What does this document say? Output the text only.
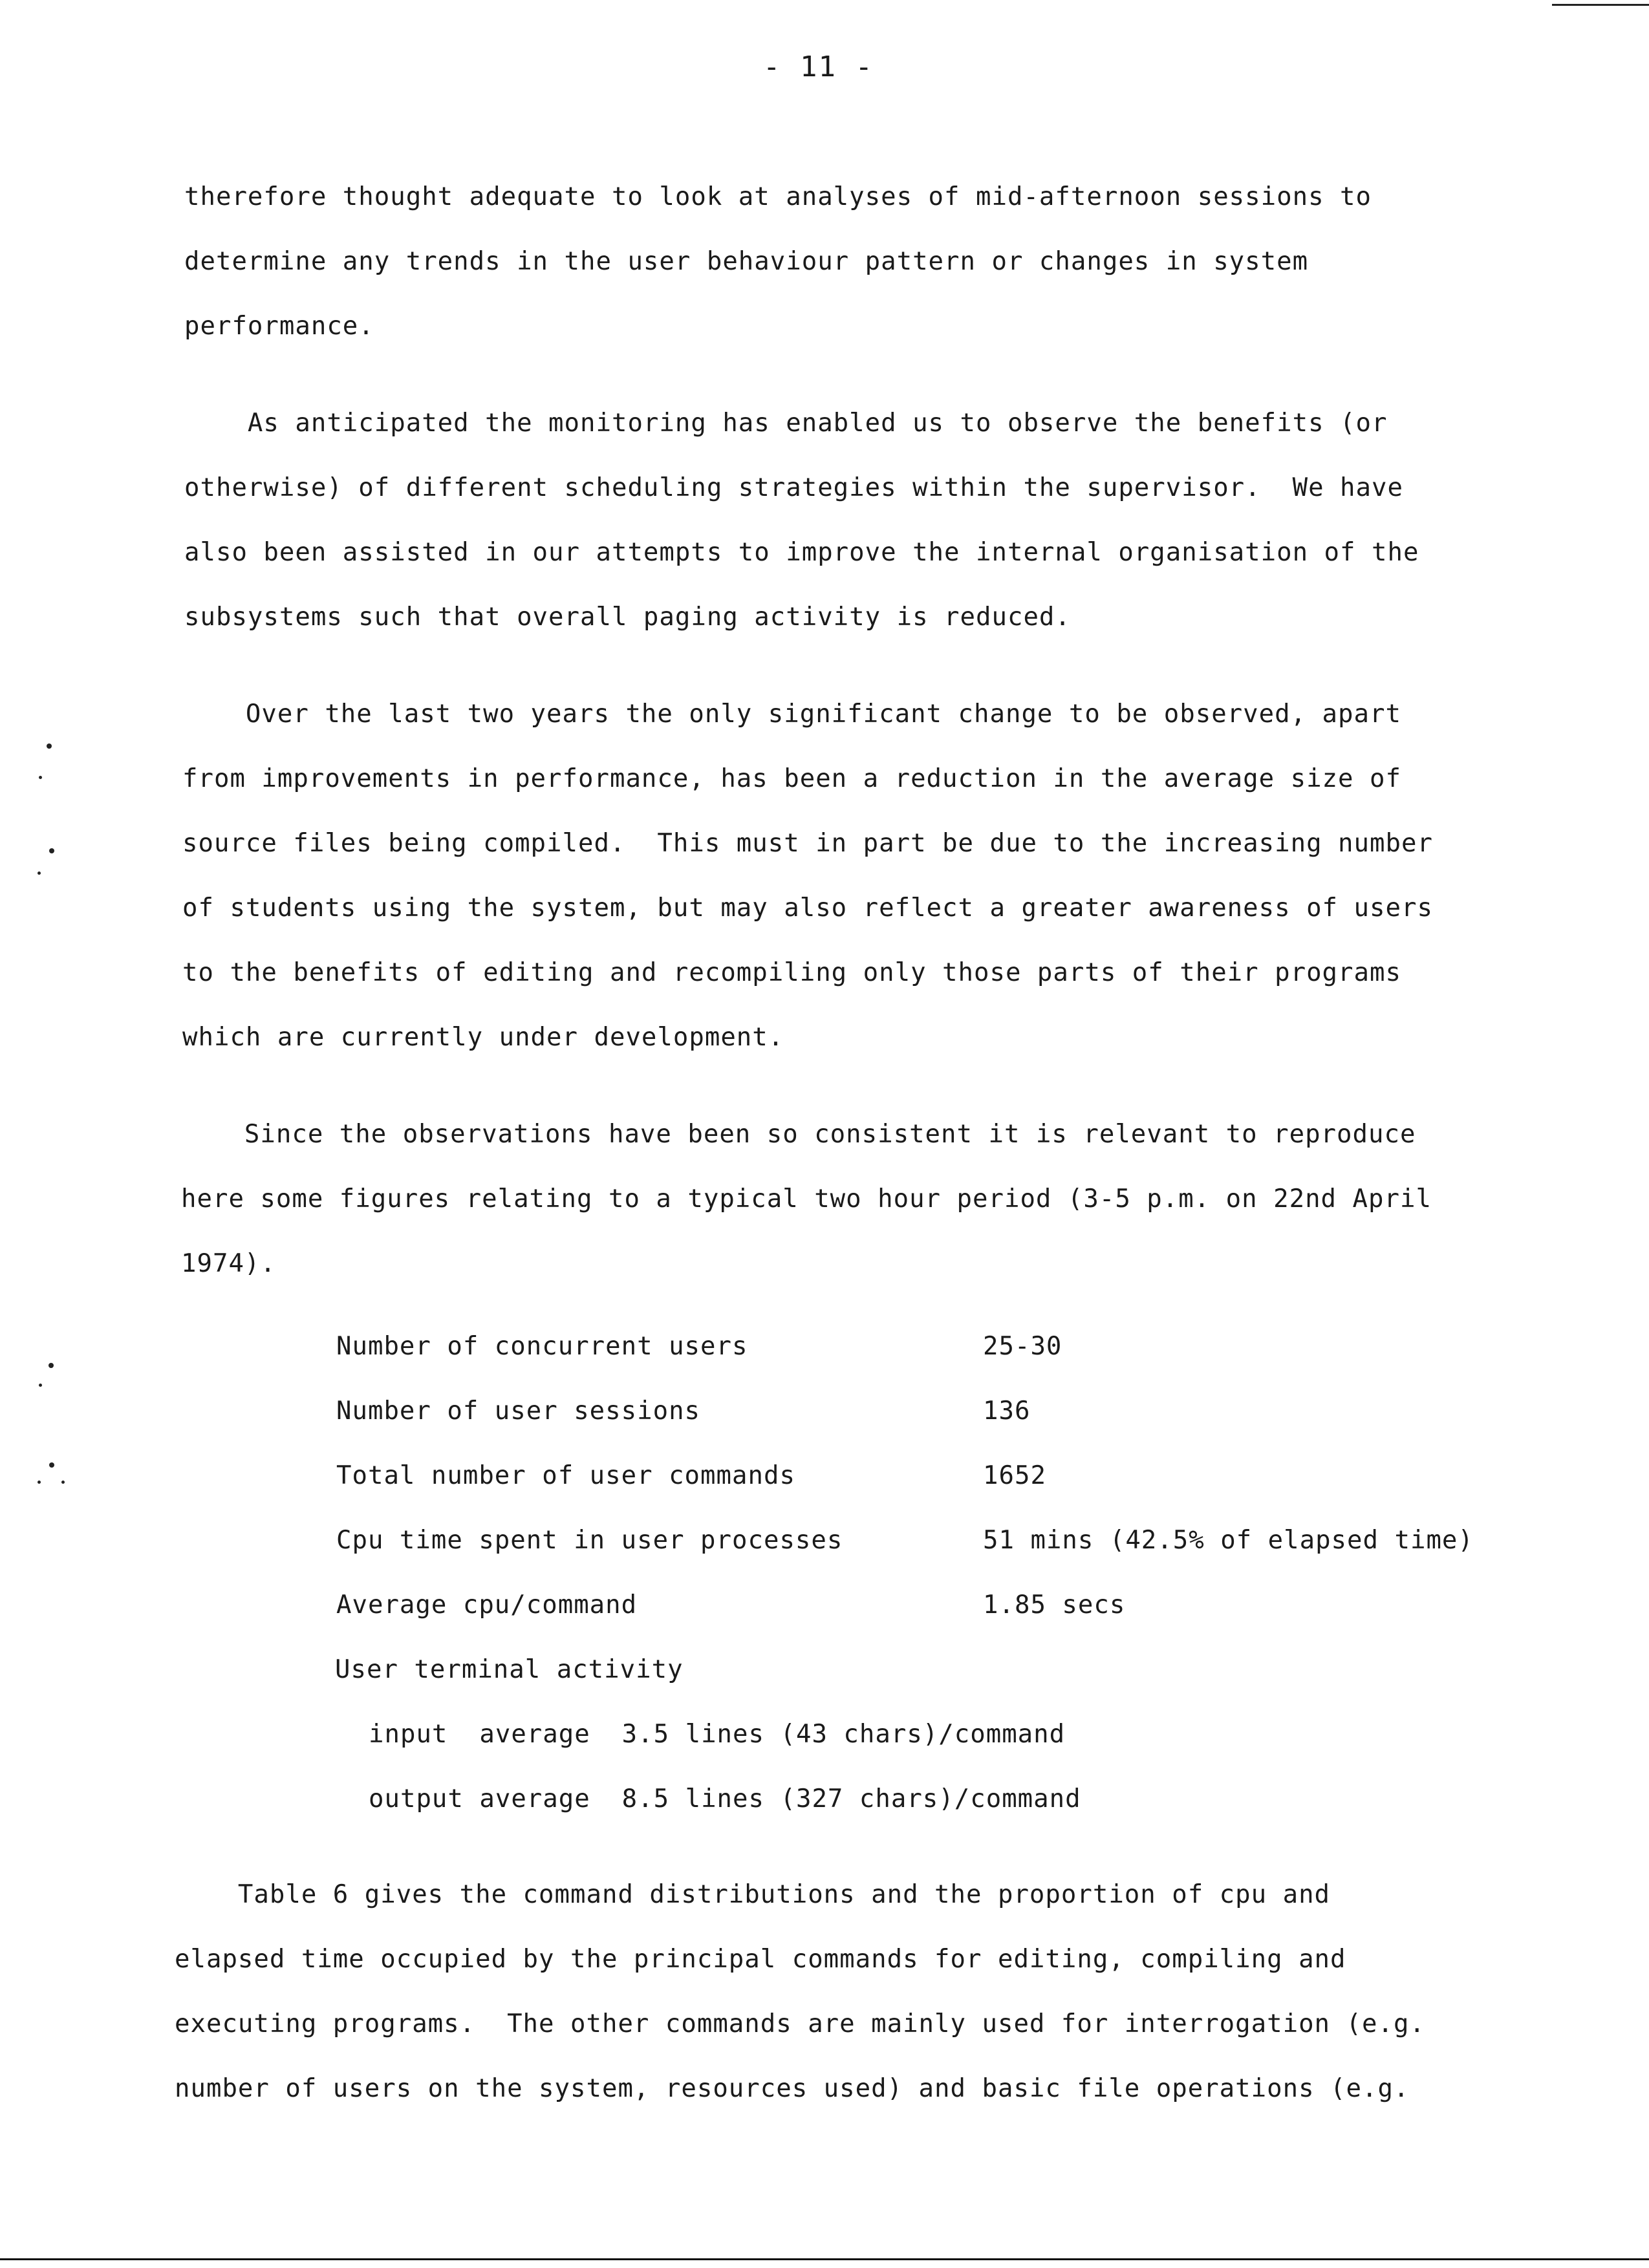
- 11 -
therefore thought adequate to look at analyses of mid-afternoon sessions to
determine any trends in the user behaviour pattern or changes in system
performance.
As anticipated the monitoring has enabled us to observe the benefits (or
otherwise) of different scheduling strategies within the supervisor.  We have
also been assisted in our attempts to improve the internal organisation of the
subsystems such that overall paging activity is reduced.
Over the last two years the only significant change to be observed, apart
from improvements in performance, has been a reduction in the average size of
source files being compiled.  This must in part be due to the increasing number
of students using the system, but may also reflect a greater awareness of users
to the benefits of editing and recompiling only those parts of their programs
which are currently under development.
Since the observations have been so consistent it is relevant to reproduce
here some figures relating to a typical two hour period (3-5 p.m. on 22nd April
1974).
Number of concurrent users	25-30
Number of user sessions	136
Total number of user commands	1652
Cpu time spent in user processes	51 mins (42.5% of elapsed time)
Average cpu/command	1.85 secs
User terminal activity
input  average  3.5 lines (43 chars)/command
output average  8.5 lines (327 chars)/command
Table 6 gives the command distributions and the proportion of cpu and
elapsed time occupied by the principal commands for editing, compiling and
executing programs.  The other commands are mainly used for interrogation (e.g.
number of users on the system, resources used) and basic file operations (e.g.
